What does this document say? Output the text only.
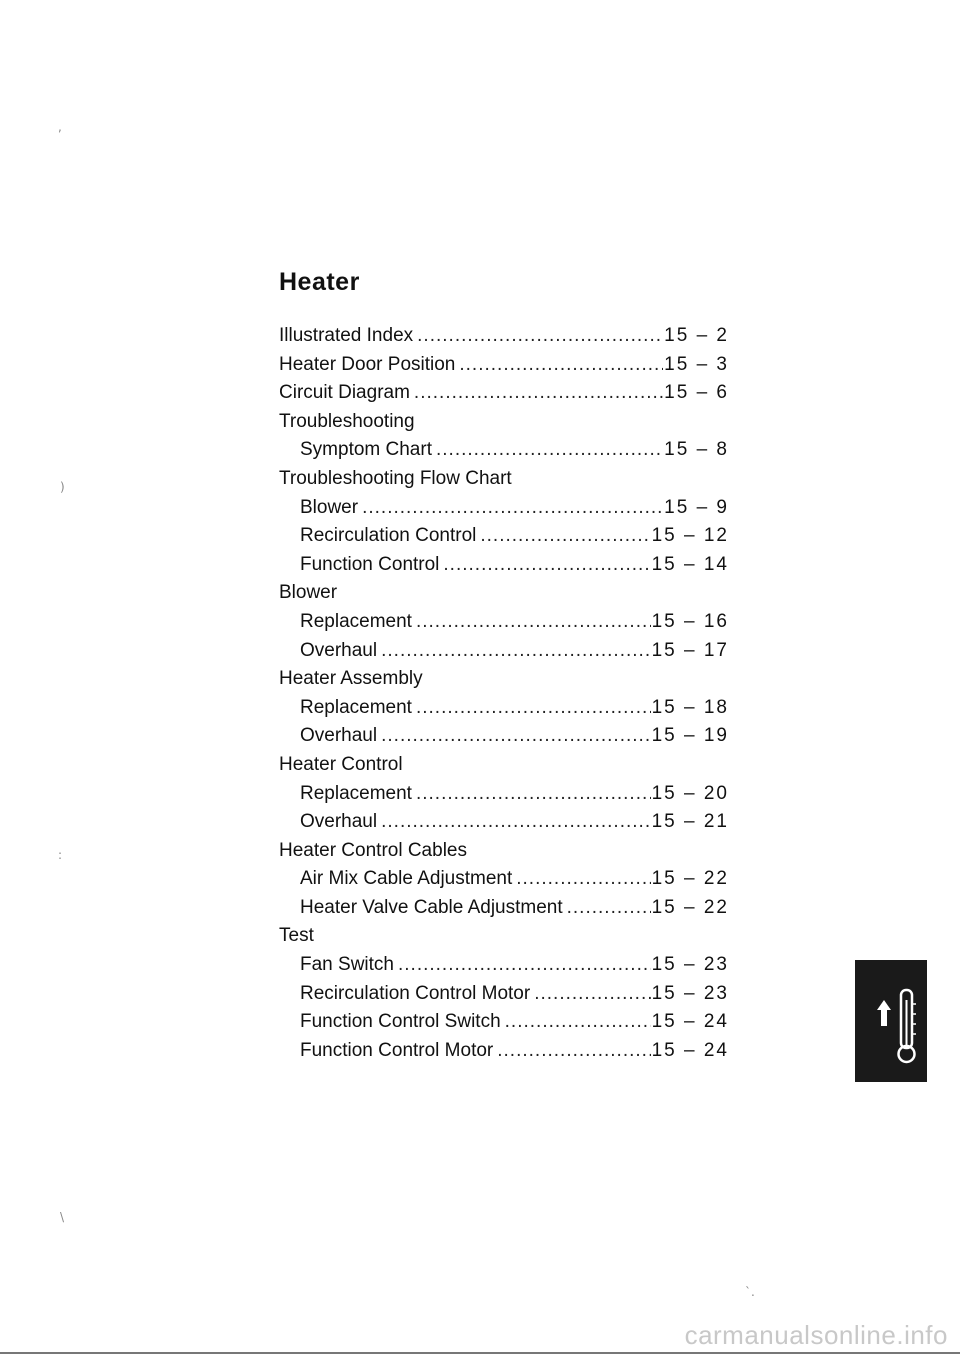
Heater
Illustrated Index .....	15 – 2
Heater Door Position .....	15 – 3
Circuit Diagram .....	15 – 6
Troubleshooting
Symptom Chart .....	15 – 8
Troubleshooting Flow Chart
Blower .....	15 – 9
Recirculation Control .....	15 – 12
Function Control .....	15 – 14
Blower
Replacement .....	15 – 16
Overhaul .....	15 – 17
Heater Assembly
Replacement .....	15 – 18
Overhaul .....	15 – 19
Heater Control
Replacement .....	15 – 20
Overhaul .....	15 – 21
Heater Control Cables
Air Mix Cable Adjustment .....	15 – 22
Heater Valve Cable Adjustment .....	15 – 22
Test
Fan Switch .....	15 – 23
Recirculation Control Motor .....	15 – 23
Function Control Switch .....	15 – 24
Function Control Motor .....	15 – 24
,
)
:
\
`.
carmanualsonline.info
